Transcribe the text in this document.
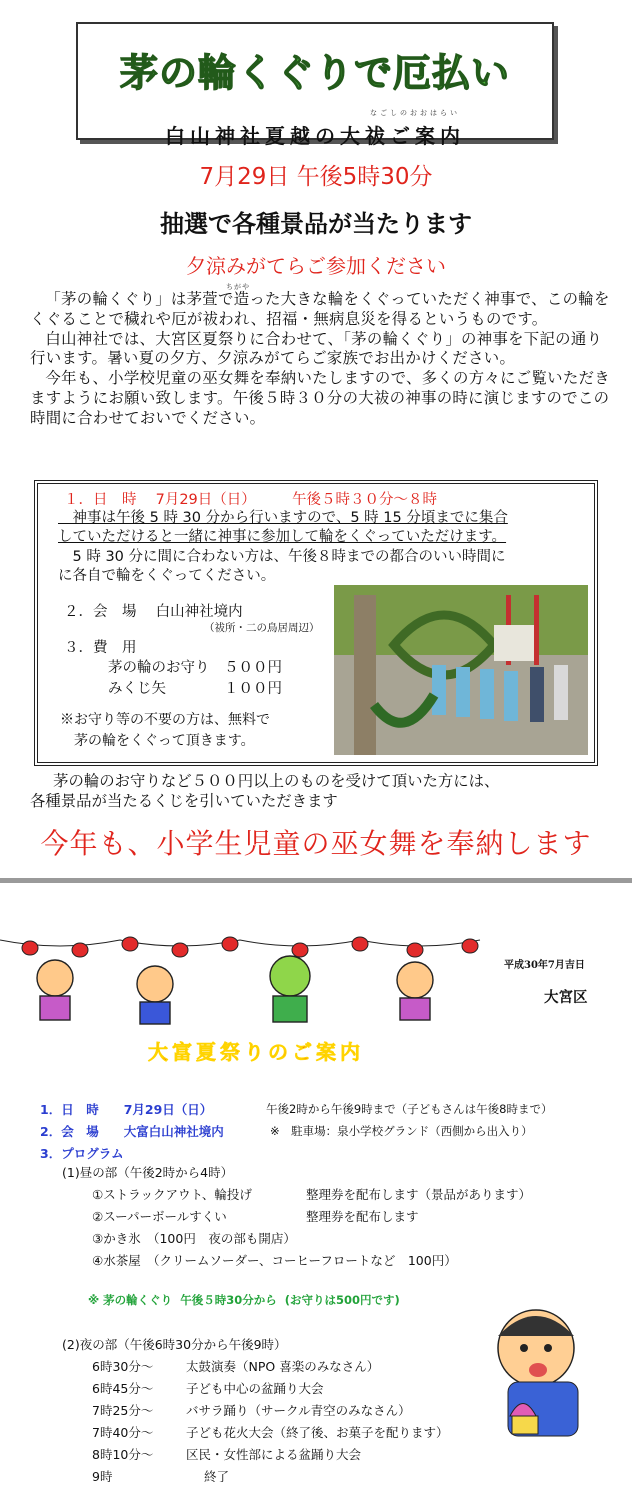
茅の輪くぐりで厄払い
なごしのおおはらい
白山神社夏越の大祓ご案内
7月29日 午後5時30分
抽選で各種景品が当たります
夕涼みがてらご参加ください
ちがや

「茅の輪くぐり」は茅萱で造った大きな輪をくぐっていただく神事で、この輪をくぐることで穢れや厄が祓われ、招福・無病息災を得るというものです。

白山神社では、大宮区夏祭りに合わせて、「茅の輪くぐり」の神事を下記の通り行います。暑い夏の夕方、夕涼みがてらご家族でお出かけください。

今年も、小学校児童の巫女舞を奉納いたしますので、多くの方々にご覧いただきますようにお願い致します。午後５時３０分の大祓の神事の時に演じますのでこの時間に合わせておいでください。

１．日　時　 7月29日（日）　　　午後５時３０分～８時
　神事は午後 5 時 30 分から行いますので、5 時 15 分頃までに集合
していただけると一緒に神事に参加して輪をくぐっていただけます。
　5 時 30 分に間に合わない方は、午後８時までの都合のいい時間に
に各自で輪をくぐってください。
２．会　場　 白山神社境内
（祓所・二の鳥居周辺）
３．費　用
茅の輪のお守り　５００円
みくじ矢　　　　１００円
※お守り等の不要の方は、無料で
茅の輪をくぐって頂きます。
茅の輪のお守りなど５００円以上のものを受けて頂いた方には、
各種景品が当たるくじを引いていただきます
今年も、小学生児童の巫女舞を奉納します
平成30年7月吉日
大宮区
大富夏祭りのご案内
1．日　時　　7月29日（日）	午後2時から午後9時まで（子どもさんは午後8時まで）
2．会　場　　大富白山神社境内	※　駐車場：泉小学校グランド（西側から出入り）
3．プログラム
(1)昼の部（午後2時から4時）
①ストラックアウト、輪投げ	整理券を配布します（景品があります）
②スーパーボールすくい	整理券を配布します
③かき氷　（100円　夜の部も開店）
④水茶屋　（クリームソーダー、コーヒーフロートなど　100円）
※ 茅の輪くぐり  午後５時30分から  (お守りは500円です)
(2)夜の部（午後6時30分から午後9時）
6時30分～	太鼓演奏（NPO 喜楽のみなさん）
6時45分～	子ども中心の盆踊り大会
7時25分～	バサラ踊り（サークル青空のみなさん）
7時40分～	子ども花火大会（終了後、お菓子を配ります）
8時10分～	区民・女性部による盆踊り大会
9時	終了
